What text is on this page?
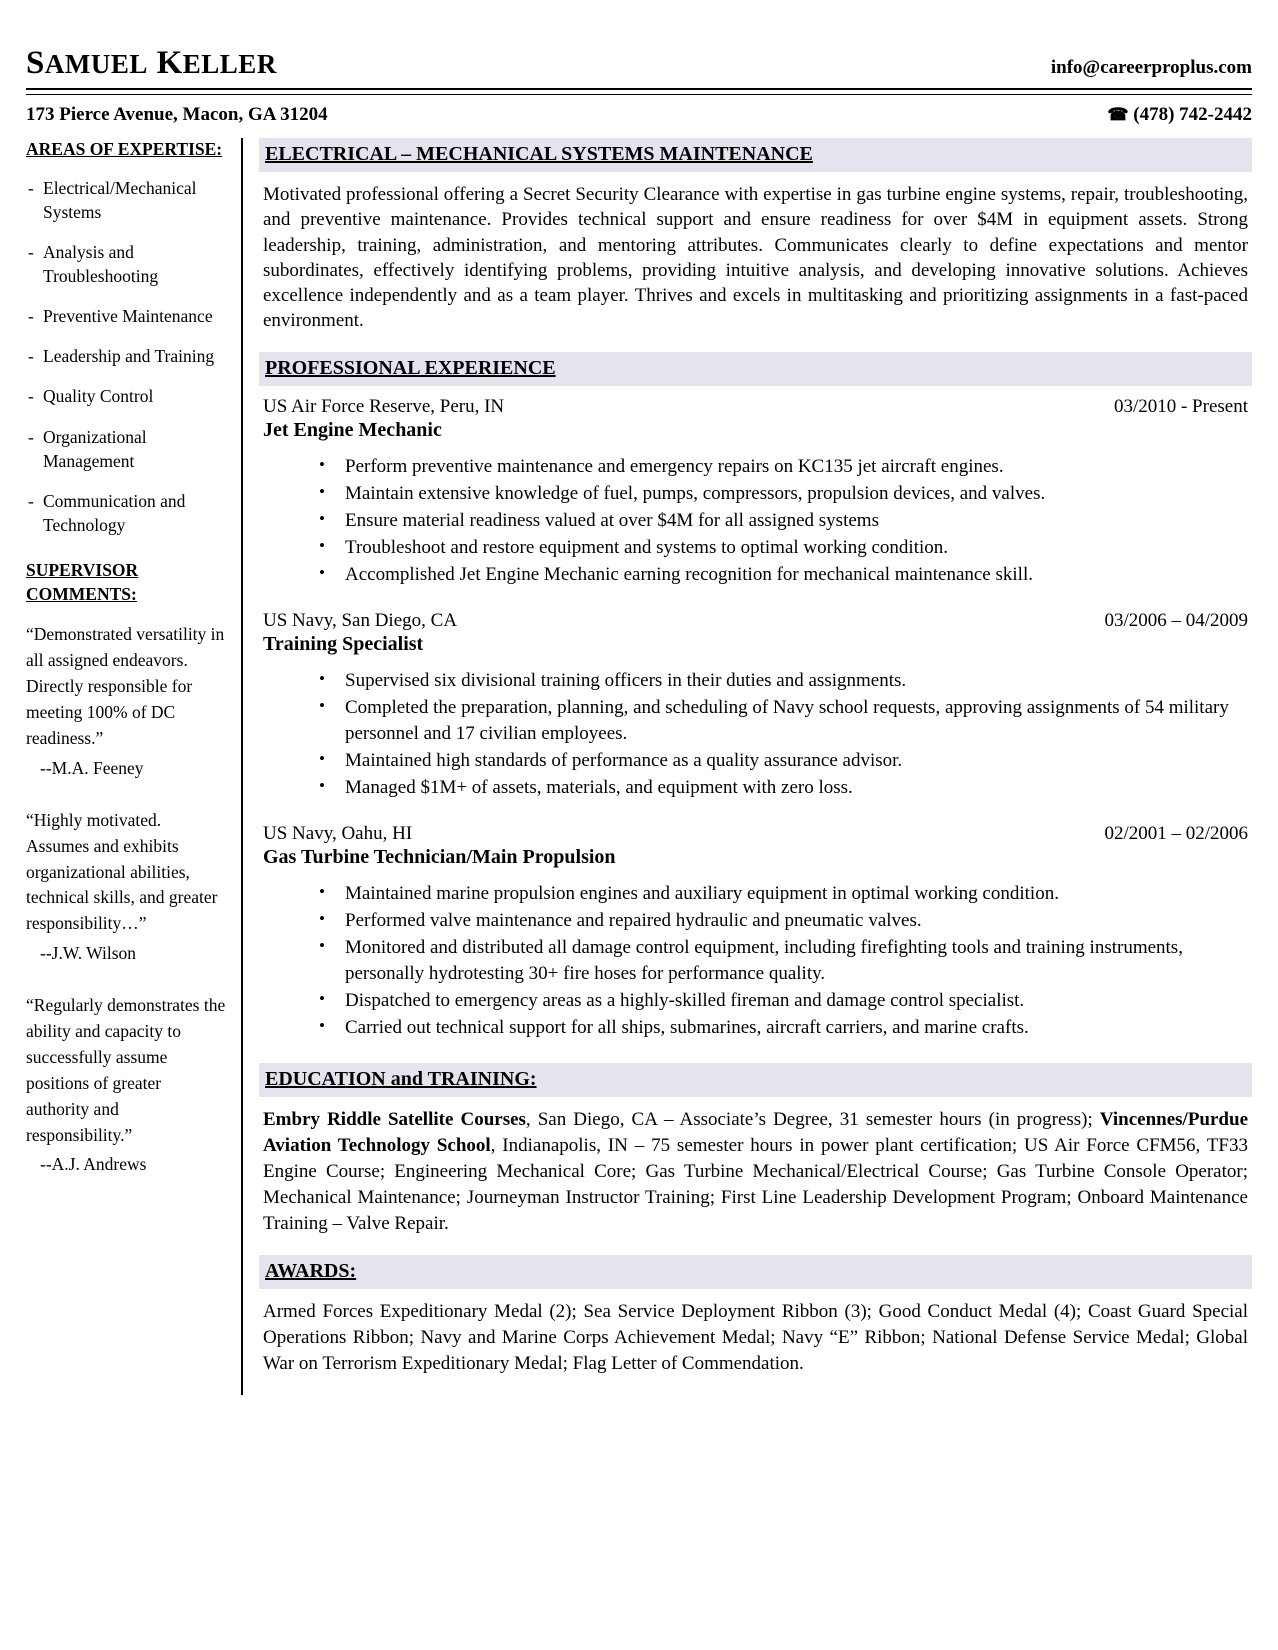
SAMUEL KELLER	info@careerproplus.com
173 Pierce Avenue, Macon, GA 31204	☎ (478) 742-2442
AREAS OF EXPERTISE:
- Electrical/Mechanical Systems
- Analysis and Troubleshooting
- Preventive Maintenance
- Leadership and Training
- Quality Control
- Organizational Management
- Communication and Technology
SUPERVISOR COMMENTS:
“Demonstrated versatility in all assigned endeavors. Directly responsible for meeting 100% of DC readiness.”
--M.A. Feeney
“Highly motivated. Assumes and exhibits organizational abilities, technical skills, and greater responsibility…”
--J.W. Wilson
“Regularly demonstrates the ability and capacity to successfully assume positions of greater authority and responsibility.”
--A.J. Andrews
ELECTRICAL – MECHANICAL SYSTEMS MAINTENANCE

Motivated professional offering a Secret Security Clearance with expertise in gas turbine engine systems, repair, troubleshooting, and preventive maintenance. Provides technical support and ensure readiness for over $4M in equipment assets. Strong leadership, training, administration, and mentoring attributes. Communicates clearly to define expectations and mentor subordinates, effectively identifying problems, providing intuitive analysis, and developing innovative solutions. Achieves excellence independently and as a team player. Thrives and excels in multitasking and prioritizing assignments in a fast-paced environment.

PROFESSIONAL EXPERIENCE
US Air Force Reserve, Peru, IN	03/2010 - Present
Jet Engine Mechanic
• Perform preventive maintenance and emergency repairs on KC135 jet aircraft engines.
• Maintain extensive knowledge of fuel, pumps, compressors, propulsion devices, and valves.
• Ensure material readiness valued at over $4M for all assigned systems
• Troubleshoot and restore equipment and systems to optimal working condition.
• Accomplished Jet Engine Mechanic earning recognition for mechanical maintenance skill.
US Navy, San Diego, CA	03/2006 – 04/2009
Training Specialist
• Supervised six divisional training officers in their duties and assignments.
• Completed the preparation, planning, and scheduling of Navy school requests, approving assignments of 54 military personnel and 17 civilian employees.
• Maintained high standards of performance as a quality assurance advisor.
• Managed $1M+ of assets, materials, and equipment with zero loss.
US Navy, Oahu, HI	02/2001 – 02/2006
Gas Turbine Technician/Main Propulsion
• Maintained marine propulsion engines and auxiliary equipment in optimal working condition.
• Performed valve maintenance and repaired hydraulic and pneumatic valves.
• Monitored and distributed all damage control equipment, including firefighting tools and training instruments, personally hydrotesting 30+ fire hoses for performance quality.
• Dispatched to emergency areas as a highly-skilled fireman and damage control specialist.
• Carried out technical support for all ships, submarines, aircraft carriers, and marine crafts.
EDUCATION and TRAINING:

Embry Riddle Satellite Courses, San Diego, CA – Associate’s Degree, 31 semester hours (in progress); Vincennes/Purdue Aviation Technology School, Indianapolis, IN – 75 semester hours in power plant certification; US Air Force CFM56, TF33 Engine Course; Engineering Mechanical Core; Gas Turbine Mechanical/Electrical Course; Gas Turbine Console Operator; Mechanical Maintenance; Journeyman Instructor Training; First Line Leadership Development Program; Onboard Maintenance Training – Valve Repair.

AWARDS:

Armed Forces Expeditionary Medal (2); Sea Service Deployment Ribbon (3); Good Conduct Medal (4); Coast Guard Special Operations Ribbon; Navy and Marine Corps Achievement Medal; Navy “E” Ribbon; National Defense Service Medal; Global War on Terrorism Expeditionary Medal; Flag Letter of Commendation.
